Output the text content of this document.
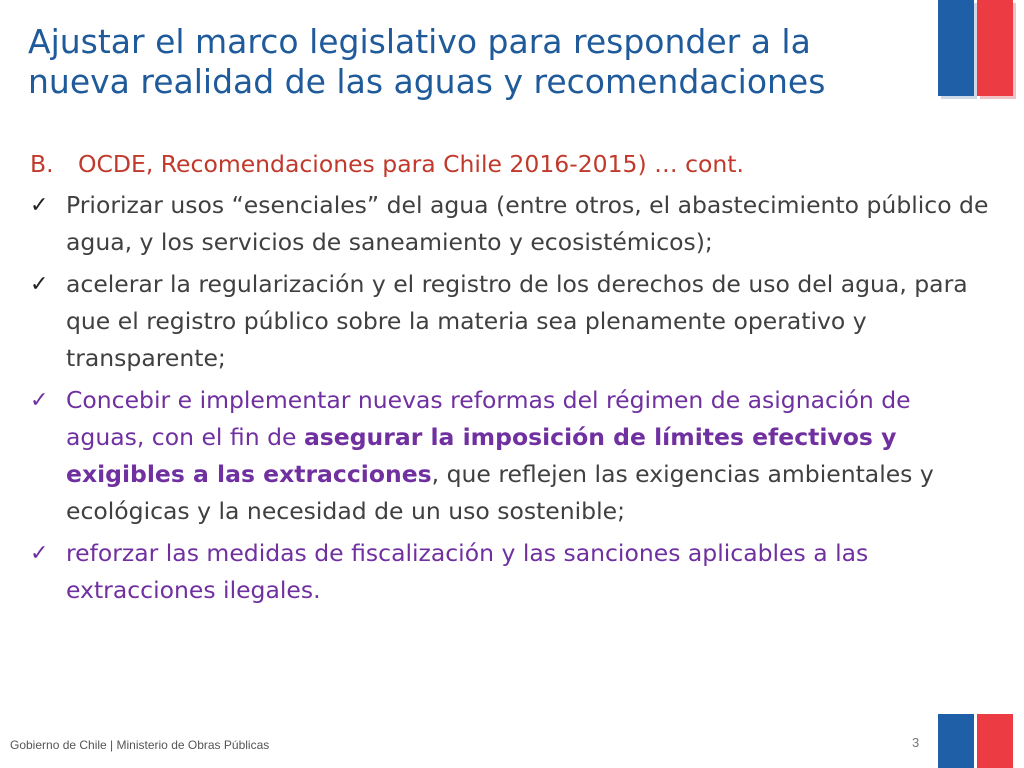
Ajustar el marco legislativo para responder a la
nueva realidad de las aguas y recomendaciones
B.	OCDE, Recomendaciones para Chile 2016-2015) … cont.
✓ Priorizar usos “esenciales” del agua (entre otros, el abastecimiento público de agua, y los servicios de saneamiento y ecosistémicos);
✓ acelerar la regularización y el registro de los derechos de uso del agua, para que el registro público sobre la materia sea plenamente operativo y transparente;
✓ Concebir e implementar nuevas reformas del régimen de asignación de aguas, con el fin de asegurar la imposición de límites efectivos y exigibles a las extracciones, que reflejen las exigencias ambientales y ecológicas y la necesidad de un uso sostenible;
✓ reforzar las medidas de fiscalización y las sanciones aplicables a las extracciones ilegales.
Gobierno de Chile | Ministerio de Obras Públicas	3
